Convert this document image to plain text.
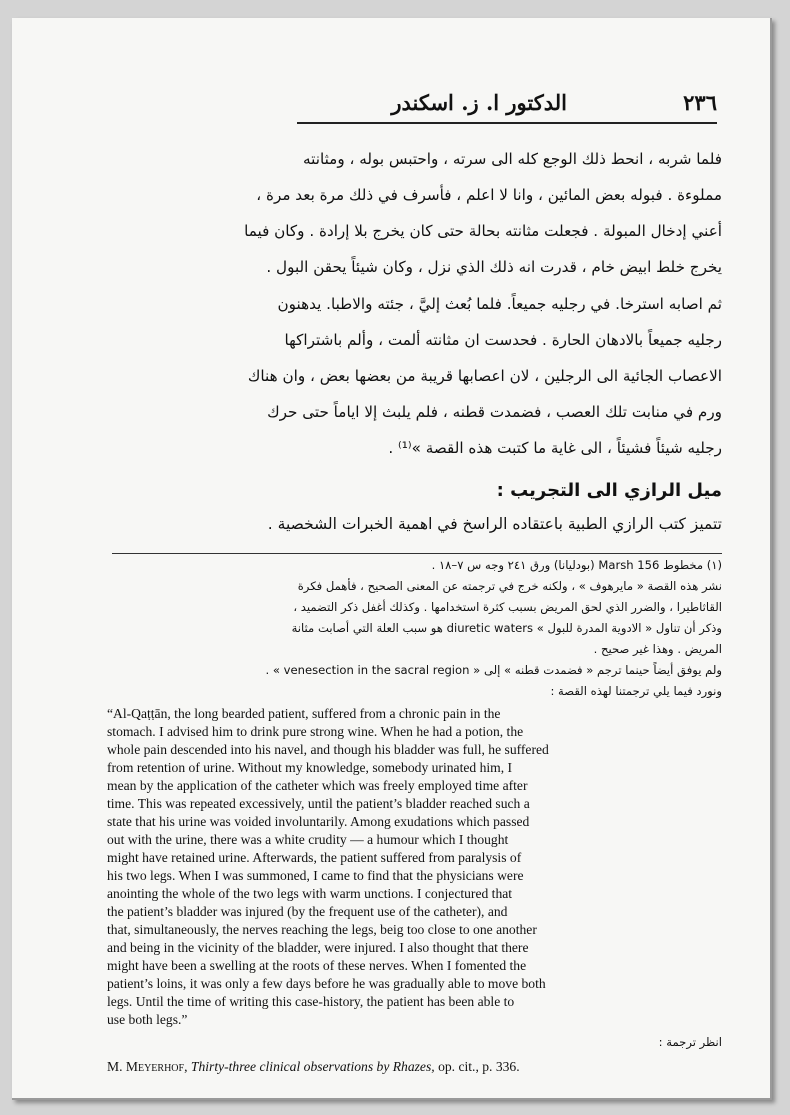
٢٣٦
الدكتور ا. ز. اسكندر
فلما شربه ، انحط ذلك الوجع كله الى سرته ، واحتبس بوله ، ومثانته
مملوءة . فبوله بعض المائين ، وانا لا اعلم ، فأسرف في ذلك مرة بعد مرة ،
أعني إدخال المبولة . فجعلت مثانته بحالة حتى كان يخرج بلا إرادة . وكان فيما
يخرج خلط ابيض خام ، قدرت انه ذلك الذي نزل ، وكان شيئاً يحقن البول .
ثم اصابه استرخا. في رجليه جميعاً. فلما بُعث إليَّ ، جئته والاطبا. يدهنون
رجليه جميعاً بالادهان الحارة . فحدست ان مثانته ألمت ، وألم باشتراكها
الاعصاب الجائية الى الرجلين ، لان اعصابها قريبة من بعضها بعض ، وان هناك
ورم في منابت تلك العصب ، فضمدت قطنه ، فلم يلبث إلا اياماً حتى حرك
رجليه شيئاً فشيئاً ، الى غاية ما كتبت هذه القصة »⁽¹⁾ .
ميل الرازي الى التجريب :
تتميز كتب الرازي الطبية باعتقاده الراسخ في اهمية الخبرات الشخصية .
(١) مخطوط Marsh 156 (بودليانا) ورق ٢٤١ وجه س ٧–١٨ .
نشر هذه القصة « مايرهوف » ، ولكنه خرج في ترجمته عن المعنى الصحيح ، فأهمل فكرة
القاثاطيرا ، والضرر الذي لحق المريض بسبب كثرة استخدامها . وكذلك أغفل ذكر التضميد ،
وذكر أن تناول « الادوية المدرة للبول » diuretic waters هو سبب العلة التي أصابت مثانة
المريض . وهذا غير صحيح .
ولم يوفق أيضاً حينما ترجم « فضمدت قطنه » إلى « venesection in the sacral region » .
ونورد فيما يلي ترجمتنا لهذه القصة :
“Al-Qaṭṭān, the long bearded patient, suffered from a chronic pain in the
stomach. I advised him to drink pure strong wine. When he had a potion, the
whole pain descended into his navel, and though his bladder was full, he suffered
from retention of urine. Without my knowledge, somebody urinated him, I
mean by the application of the catheter which was freely employed time after
time. This was repeated excessively, until the patient’s bladder reached such a
state that his urine was voided involuntarily. Among exudations which passed
out with the urine, there was a white crudity — a humour which I thought
might have retained urine. Afterwards, the patient suffered from paralysis of
his two legs. When I was summoned, I came to find that the physicians were
anointing the whole of the two legs with warm unctions. I conjectured that
the patient’s bladder was injured (by the frequent use of the catheter), and
that, simultaneously, the nerves reaching the legs, beig too close to one another
and being in the vicinity of the bladder, were injured. I also thought that there
might have been a swelling at the roots of these nerves. When I fomented the
patient’s loins, it was only a few days before he was gradually able to move both
legs. Until the time of writing this case-history, the patient has been able to
use both legs.”
انظر ترجمة :
M. Meyerhof, Thirty-three clinical observations by Rhazes, op. cit., p. 336.
